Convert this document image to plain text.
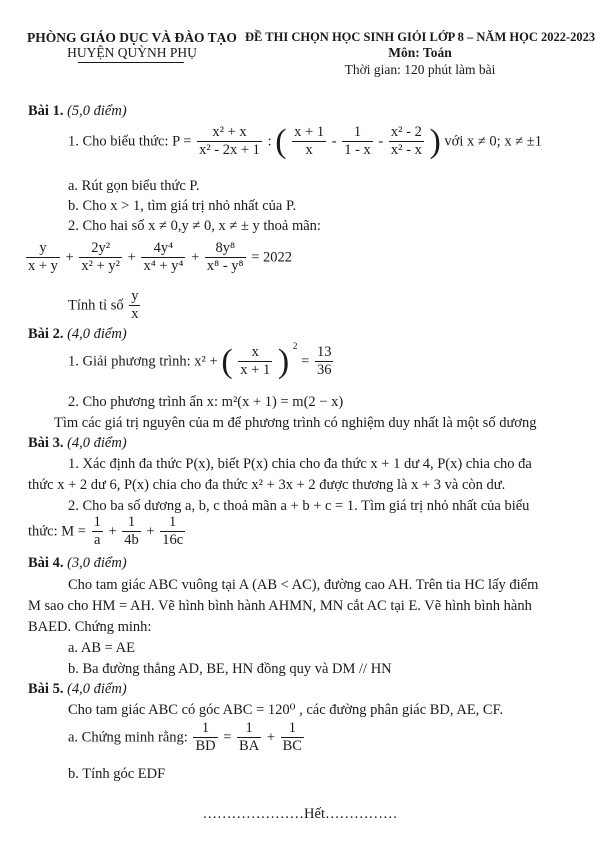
PHÒNG GIÁO DỤC VÀ ĐÀO TẠO
HUYỆN QUỲNH PHỤ
ĐỀ THI CHỌN HỌC SINH GIỎI LỚP 8 – NĂM HỌC 2022-2023
Môn: Toán
Thời gian: 120 phút làm bài
Bài 1. (5,0 điểm)
1. Cho biểu thức: $P = \frac{\text{x² + x}}{\text{x² - 2x + 1}}$ : ( $\frac{x + 1}{x} - \frac{1}{1 - x} - \frac{\text{x² - 2}}{\text{x² - x}}$ ) với x ≠ 0; x ≠ ±1
a. Rút gọn biểu thức P.
b. Cho x > 1, tìm giá trị nhỏ nhất của P.
2. Cho hai số x ≠ 0,y ≠ 0, x ≠ ± y thoả mãn:
$\frac{y}{x + y} + \frac{\text{2y²}}{\text{x² + y²}} + \frac{\text{4y⁴}}{\text{x⁴ + y⁴}} + \frac{\text{8y⁸}}{\text{x⁸ - y⁸}} = 2022$
Tính tỉ số $\frac{y}{x}$
Bài 2. (4,0 điểm)
1. Giải phương trình: x² + ( $\frac{x}{x + 1}$ ) $^2 = \frac{13}{36}$
2. Cho phương trình ẩn x: m²(x + 1) = m(2 − x)
Tìm các giá trị nguyên của m để phương trình có nghiệm duy nhất là một số dương
Bài 3. (4,0 điểm)
1. Xác định đa thức P(x), biết P(x) chia cho đa thức x + 1 dư 4, P(x) chia cho đa
thức x + 2 dư 6, P(x) chia cho đa thức x² + 3x + 2 được thương là x + 3 và còn dư.
2. Cho ba số dương a, b, c thoả mãn a + b + c = 1. Tìm giá trị nhỏ nhất của biểu
thức: $M = \frac{1}{a} + \frac{1}{4b} + \frac{1}{16c}$
Bài 4. (3,0 điểm)
Cho tam giác ABC vuông tại A (AB < AC), đường cao AH. Trên tia HC lấy điểm
M sao cho HM = AH. Vẽ hình bình hành AHMN, MN cắt AC tại E. Vẽ hình bình hành
BAED. Chứng minh:
a. AB = AE
b. Ba đường thẳng AD, BE, HN đồng quy và DM // HN
Bài 5. (4,0 điểm)
Cho tam giác ABC có góc ABC = 120⁰ , các đường phân giác BD, AE, CF.
a. Chứng minh rằng: $\frac{1}{BD} = \frac{1}{BA} + \frac{1}{BC}$
b. Tính góc EDF
…………………Hết……………
